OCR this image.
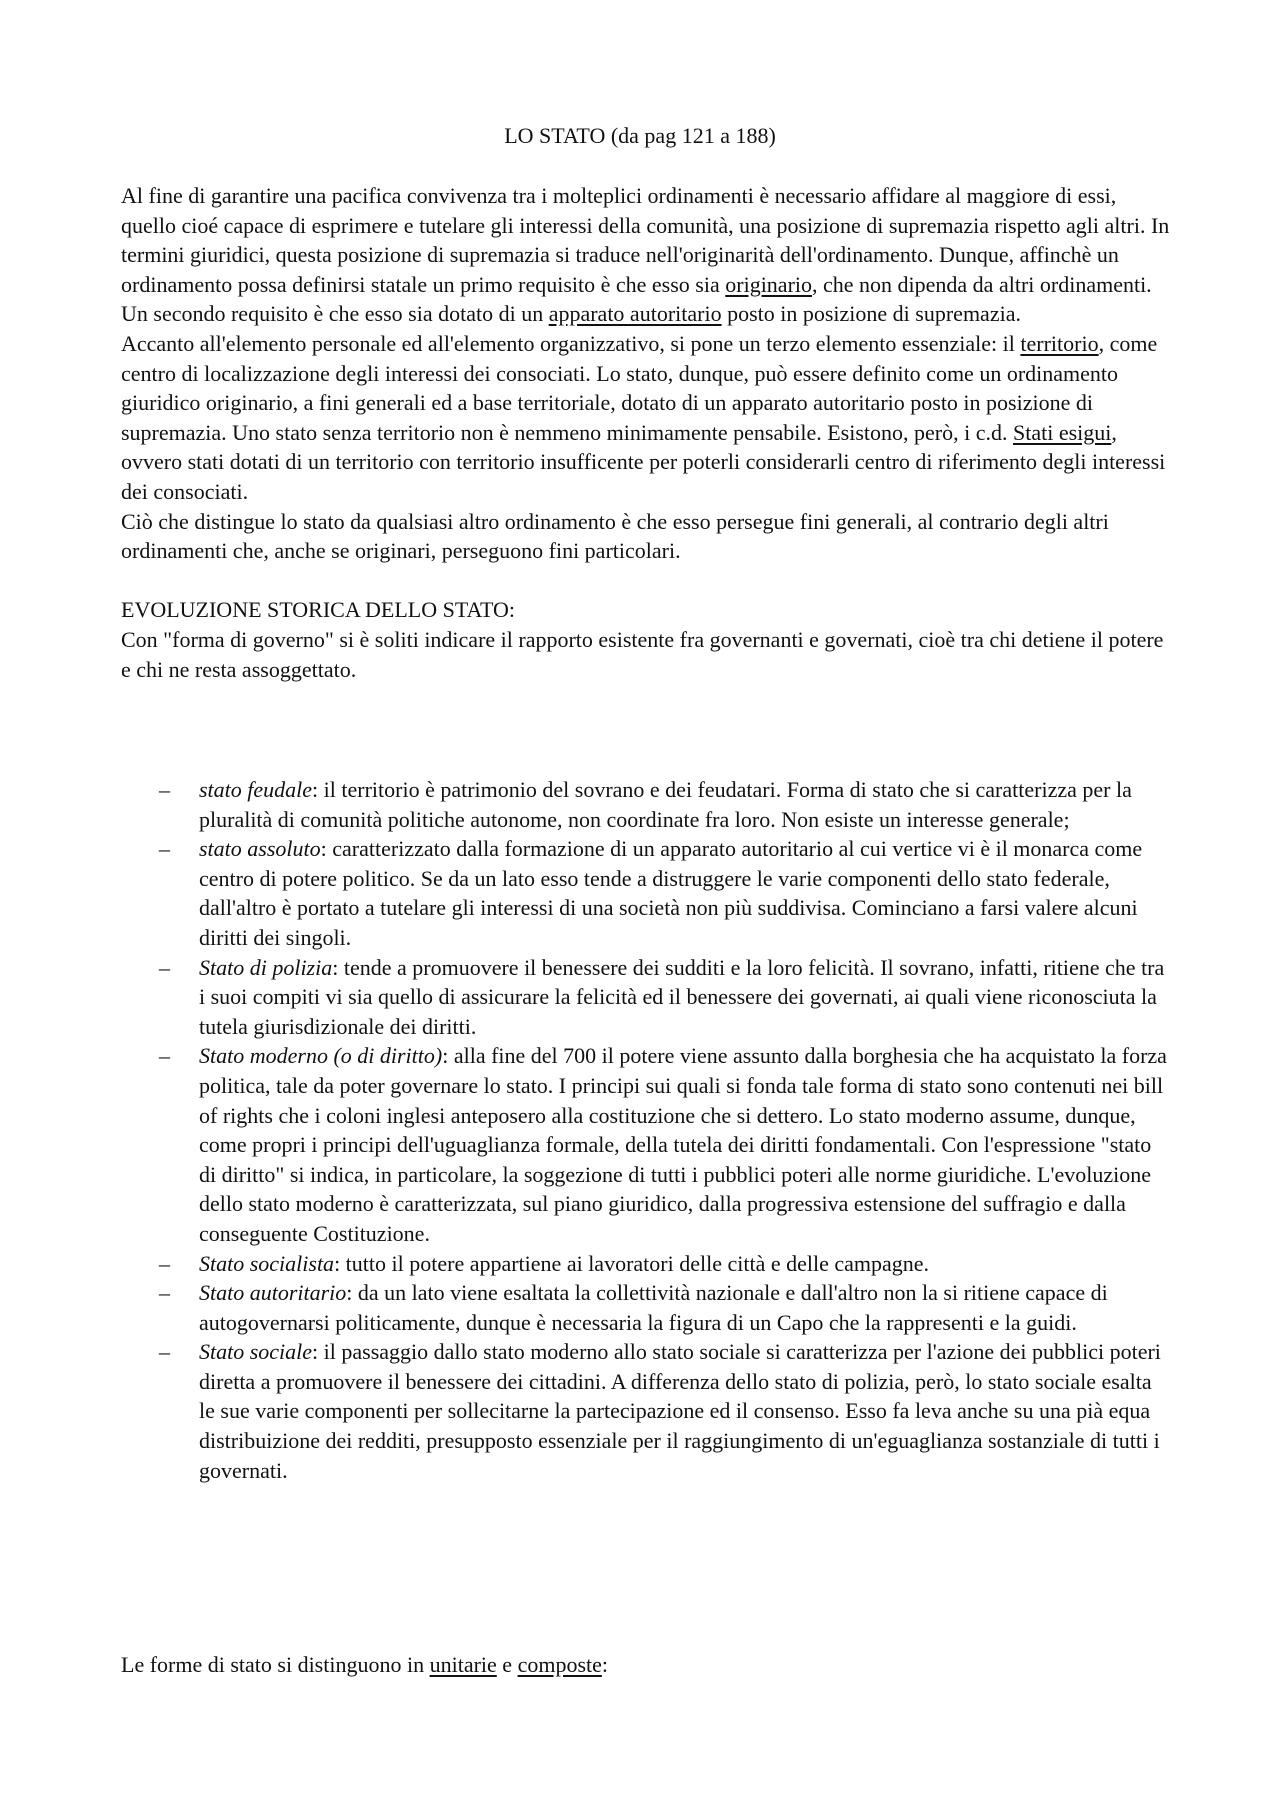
LO STATO (da pag 121 a 188)
Al fine di garantire una pacifica convivenza tra i molteplici ordinamenti è necessario affidare al maggiore di essi, quello cioé capace di esprimere e tutelare gli interessi della comunità, una posizione di supremazia rispetto agli altri. In termini giuridici, questa posizione di supremazia si traduce nell'originarità dell'ordinamento. Dunque, affinchè un ordinamento possa definirsi statale un primo requisito è che esso sia originario, che non dipenda da altri ordinamenti.
Un secondo requisito è che esso sia dotato di un apparato autoritario posto in posizione di supremazia.
Accanto all'elemento personale ed all'elemento organizzativo, si pone un terzo elemento essenziale: il territorio, come centro di localizzazione degli interessi dei consociati. Lo stato, dunque, può essere definito come un ordinamento giuridico originario, a fini generali ed a base territoriale, dotato di un apparato autoritario posto in posizione di supremazia. Uno stato senza territorio non è nemmeno minimamente pensabile. Esistono, però, i c.d. Stati esigui, ovvero stati dotati di un territorio con territorio insufficente per poterli considerarli centro di riferimento degli interessi dei consociati.
Ciò che distingue lo stato da qualsiasi altro ordinamento è che esso persegue fini generali, al contrario degli altri ordinamenti che, anche se originari, perseguono fini particolari.
EVOLUZIONE STORICA DELLO STATO:
Con "forma di governo" si è soliti indicare il rapporto esistente fra governanti e governati, cioè tra chi detiene il potere e chi ne resta assoggettato.
– stato feudale: il territorio è patrimonio del sovrano e dei feudatari. Forma di stato che si caratterizza per la pluralità di comunità politiche autonome, non coordinate fra loro. Non esiste un interesse generale;
– stato assoluto: caratterizzato dalla formazione di un apparato autoritario al cui vertice vi è il monarca come centro di potere politico. Se da un lato esso tende a distruggere le varie componenti dello stato federale, dall'altro è portato a tutelare gli interessi di una società non più suddivisa. Cominciano a farsi valere alcuni diritti dei singoli.
– Stato di polizia: tende a promuovere il benessere dei sudditi e la loro felicità. Il sovrano, infatti, ritiene che tra i suoi compiti vi sia quello di assicurare la felicità ed il benessere dei governati, ai quali viene riconosciuta la tutela giurisdizionale dei diritti.
– Stato moderno (o di diritto): alla fine del 700 il potere viene assunto dalla borghesia che ha acquistato la forza politica, tale da poter governare lo stato. I principi sui quali si fonda tale forma di stato sono contenuti nei bill of rights che i coloni inglesi anteposero alla costituzione che si dettero. Lo stato moderno assume, dunque, come propri i principi dell'uguaglianza formale, della tutela dei diritti fondamentali. Con l'espressione "stato di diritto" si indica, in particolare, la soggezione di tutti i pubblici poteri alle norme giuridiche. L'evoluzione dello stato moderno è caratterizzata, sul piano giuridico, dalla progressiva estensione del suffragio e dalla conseguente Costituzione.
– Stato socialista: tutto il potere appartiene ai lavoratori delle città e delle campagne.
– Stato autoritario: da un lato viene esaltata la collettività nazionale e dall'altro non la si ritiene capace di autogovernarsi politicamente, dunque è necessaria la figura di un Capo che la rappresenti e la guidi.
– Stato sociale: il passaggio dallo stato moderno allo stato sociale si caratterizza per l'azione dei pubblici poteri diretta a promuovere il benessere dei cittadini. A differenza dello stato di polizia, però, lo stato sociale esalta le sue varie componenti per sollecitarne la partecipazione ed il consenso. Esso fa leva anche su una pià equa distribuizione dei redditi, presupposto essenziale per il raggiungimento di un'eguaglianza sostanziale di tutti i governati.
Le forme di stato si distinguono in unitarie e composte:
